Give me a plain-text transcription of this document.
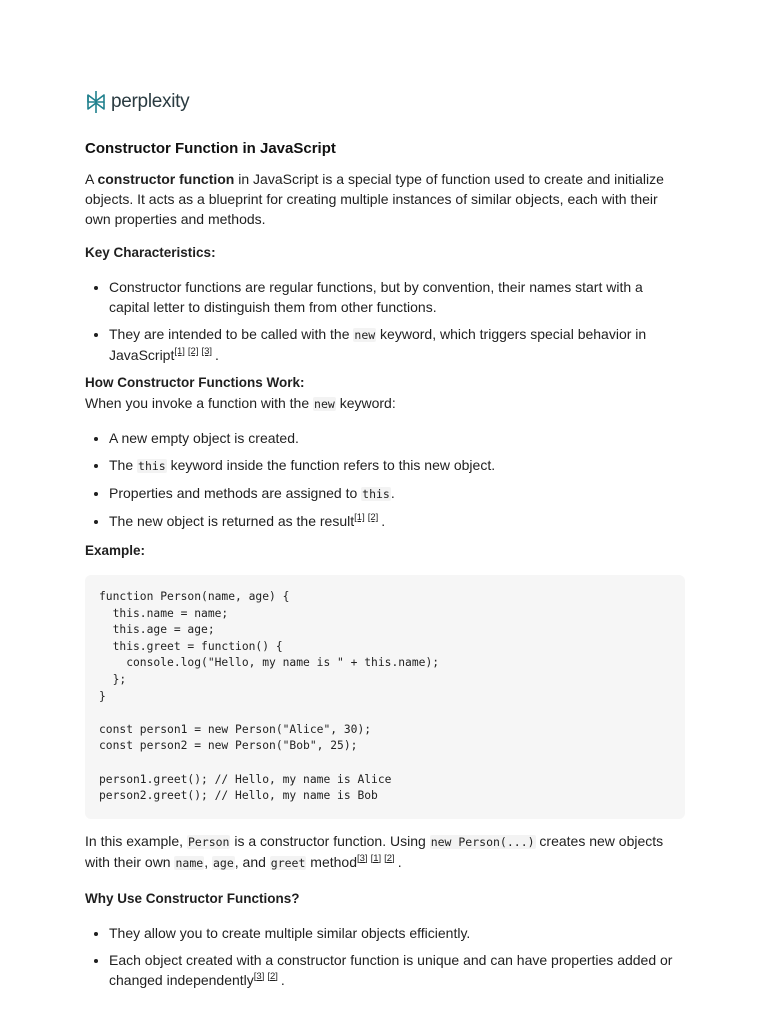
perplexity
Constructor Function in JavaScript

A constructor function in JavaScript is a special type of function used to create and initialize objects. It acts as a blueprint for creating multiple instances of similar objects, each with their own properties and methods.

Key Characteristics:

• Constructor functions are regular functions, but by convention, their names start with a capital letter to distinguish them from other functions.
• They are intended to be called with the new keyword, which triggers special behavior in JavaScript[1] [2] [3] .

How Constructor Functions Work:

When you invoke a function with the new keyword:

• A new empty object is created.
• The this keyword inside the function refers to this new object.
• Properties and methods are assigned to this.
• The new object is returned as the result[1] [2] .

Example:

function Person(name, age) {
this.name = name;
this.age = age;
this.greet = function() {
console.log("Hello, my name is " + this.name);
};
}

const person1 = new Person("Alice", 30);
const person2 = new Person("Bob", 25);

person1.greet(); // Hello, my name is Alice
person2.greet(); // Hello, my name is Bob

In this example, Person is a constructor function. Using new Person(...) creates new objects with their own name, age, and greet method[3] [1] [2] .

Why Use Constructor Functions?

• They allow you to create multiple similar objects efficiently.
• Each object created with a constructor function is unique and can have properties added or changed independently[3] [2] .
